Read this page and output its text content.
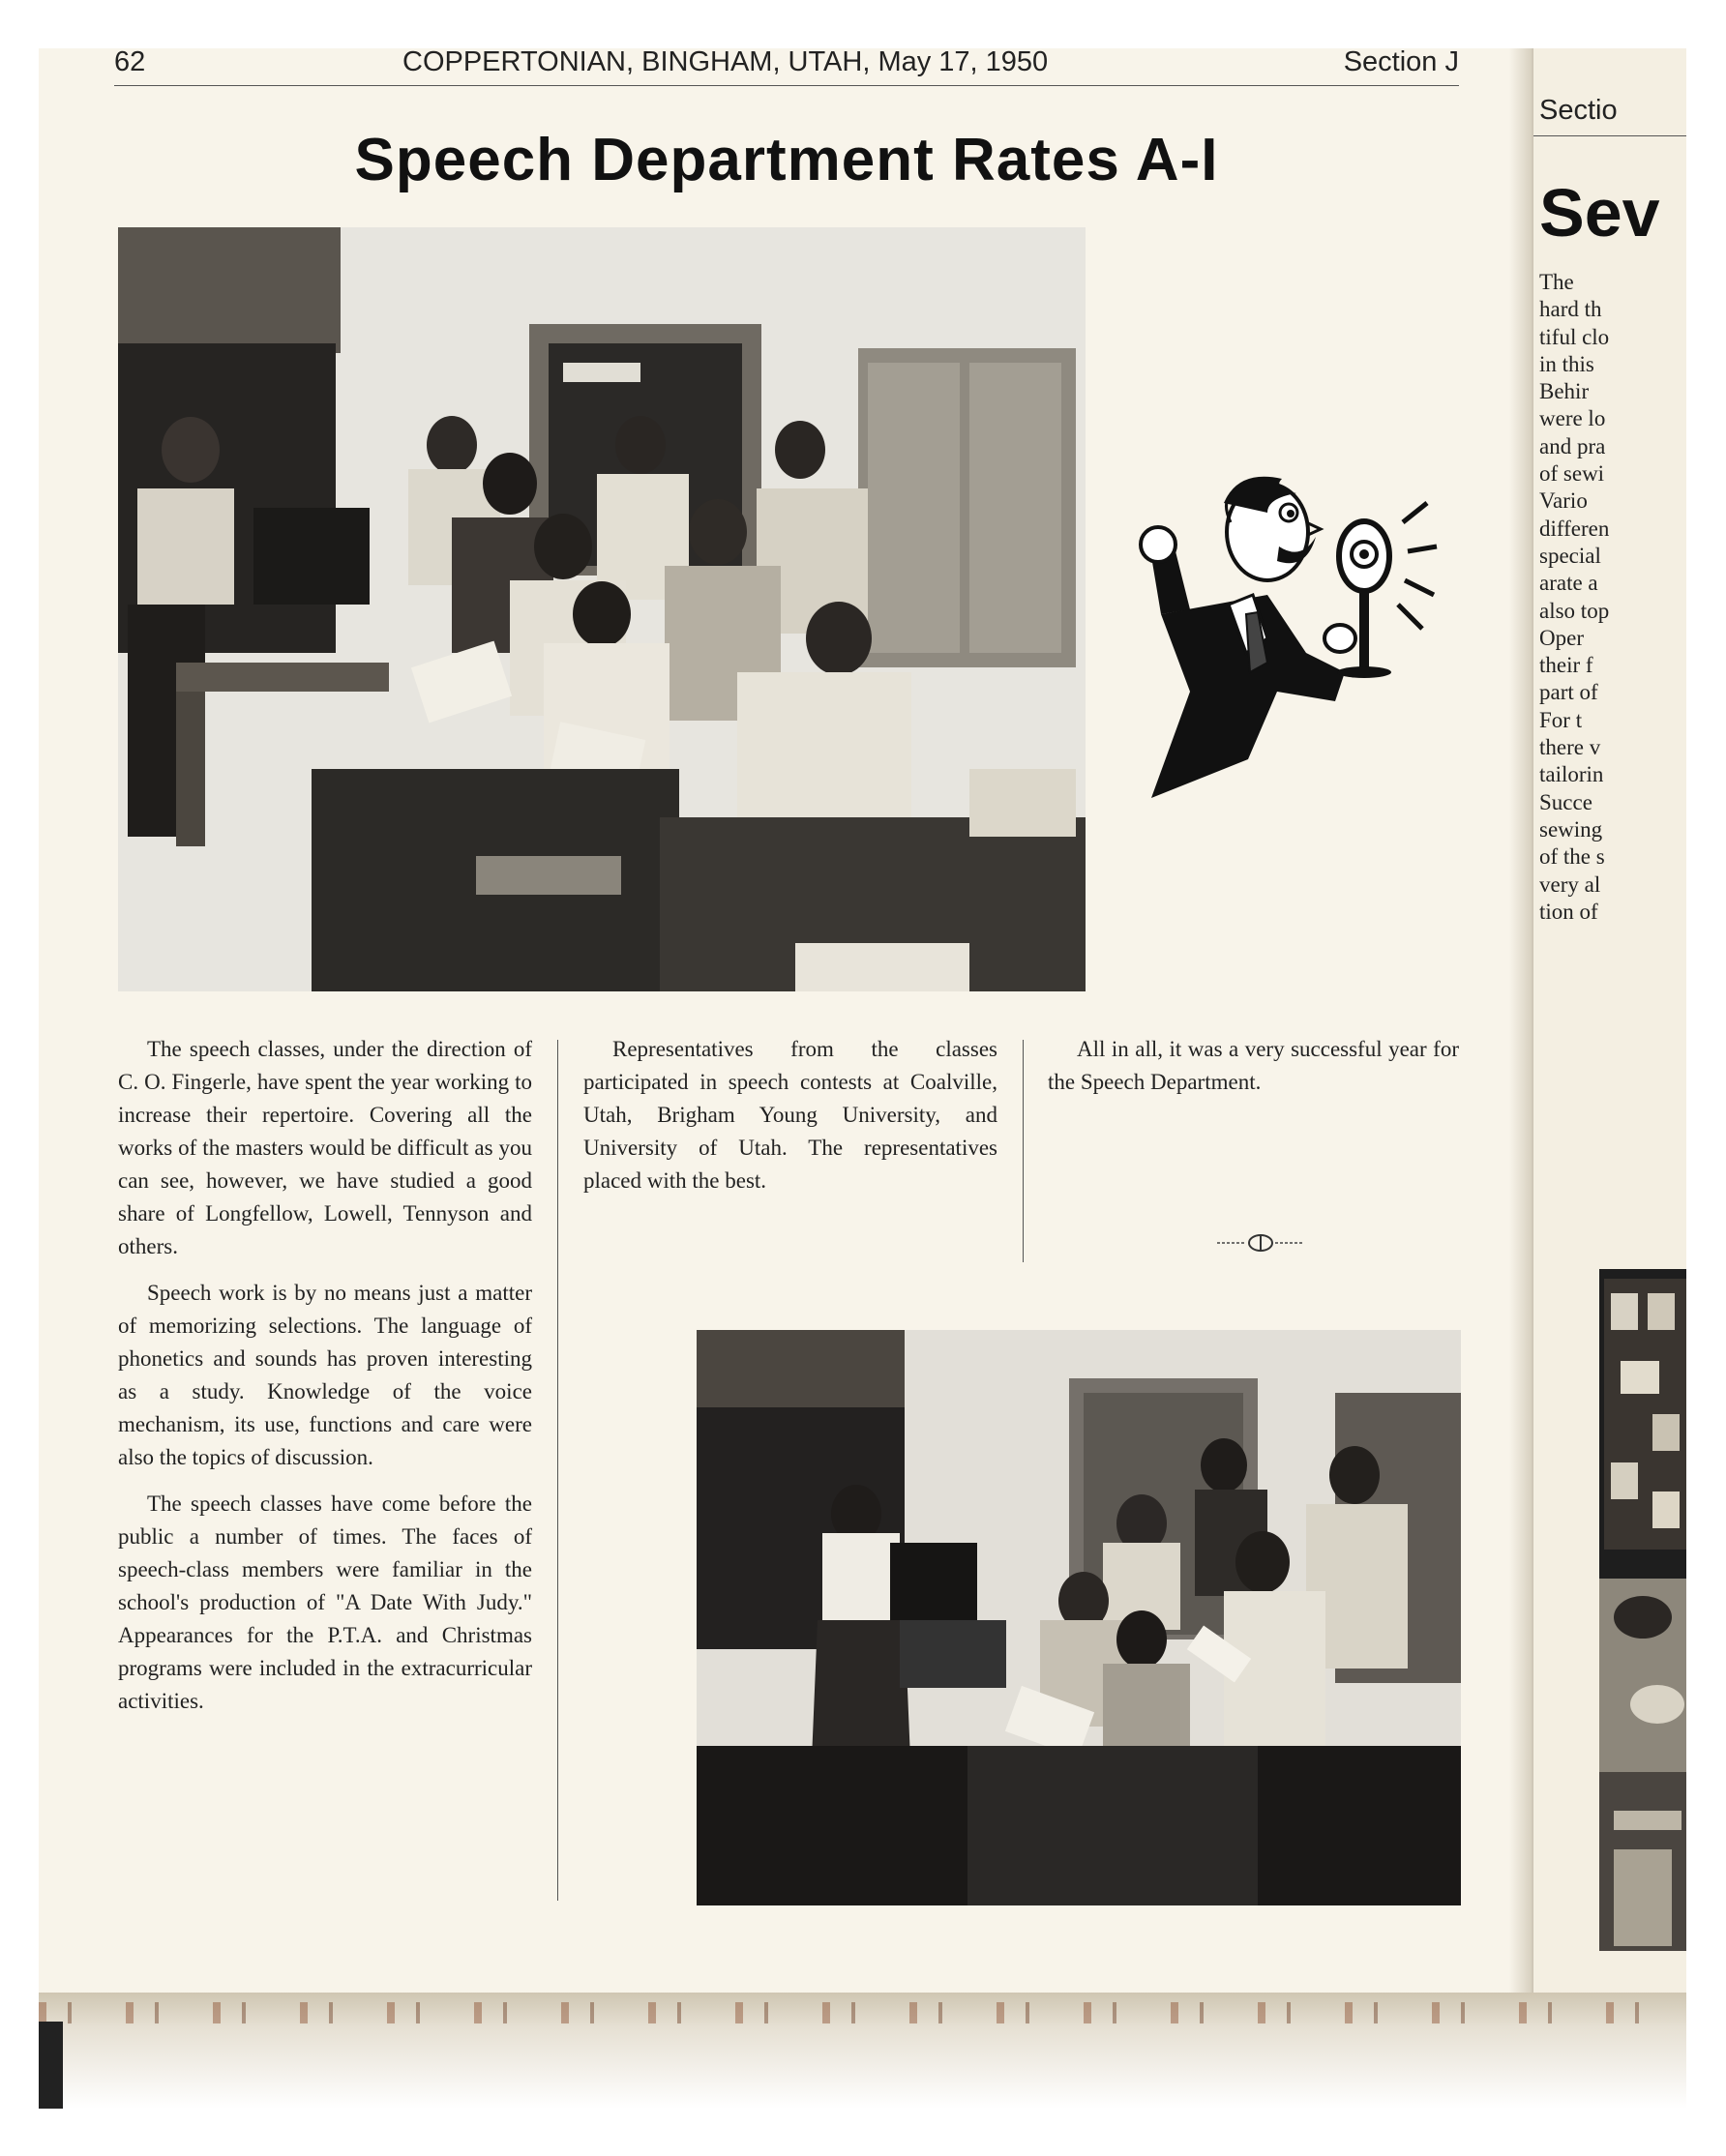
Sectio
Sev
The
hard th
tiful clo
in this
Behir
were lo
and pra
of sewi
Vario
differen
special
arate a
also top
Oper
their f
part of
For t
there v
tailorin
Succe
sewing
of the s
very al
tion of
62	COPPERTONIAN, BINGHAM, UTAH, May 17, 1950	Section J
Speech Department Rates A-I

The speech classes, under the direction of C. O. Fingerle, have spent the year working to increase their repertoire. Covering all the works of the masters would be difficult as you can see, however, we have studied a good share of Longfellow, Lowell, Tennyson and others.

Speech work is by no means just a matter of memorizing selections. The language of phonetics and sounds has proven interesting as a study. Knowledge of the voice mechanism, its use, functions and care were also the topics of discussion.

The speech classes have come before the public a number of times. The faces of speech-class members were familiar in the school's production of "A Date With Judy." Appearances for the P.T.A. and Christmas programs were included in the extracurricular activities.

Representatives from the classes participated in speech contests at Coalville, Utah, Brigham Young University, and University of Utah. The representatives placed with the best.

All in all, it was a very successful year for the Speech Department.
